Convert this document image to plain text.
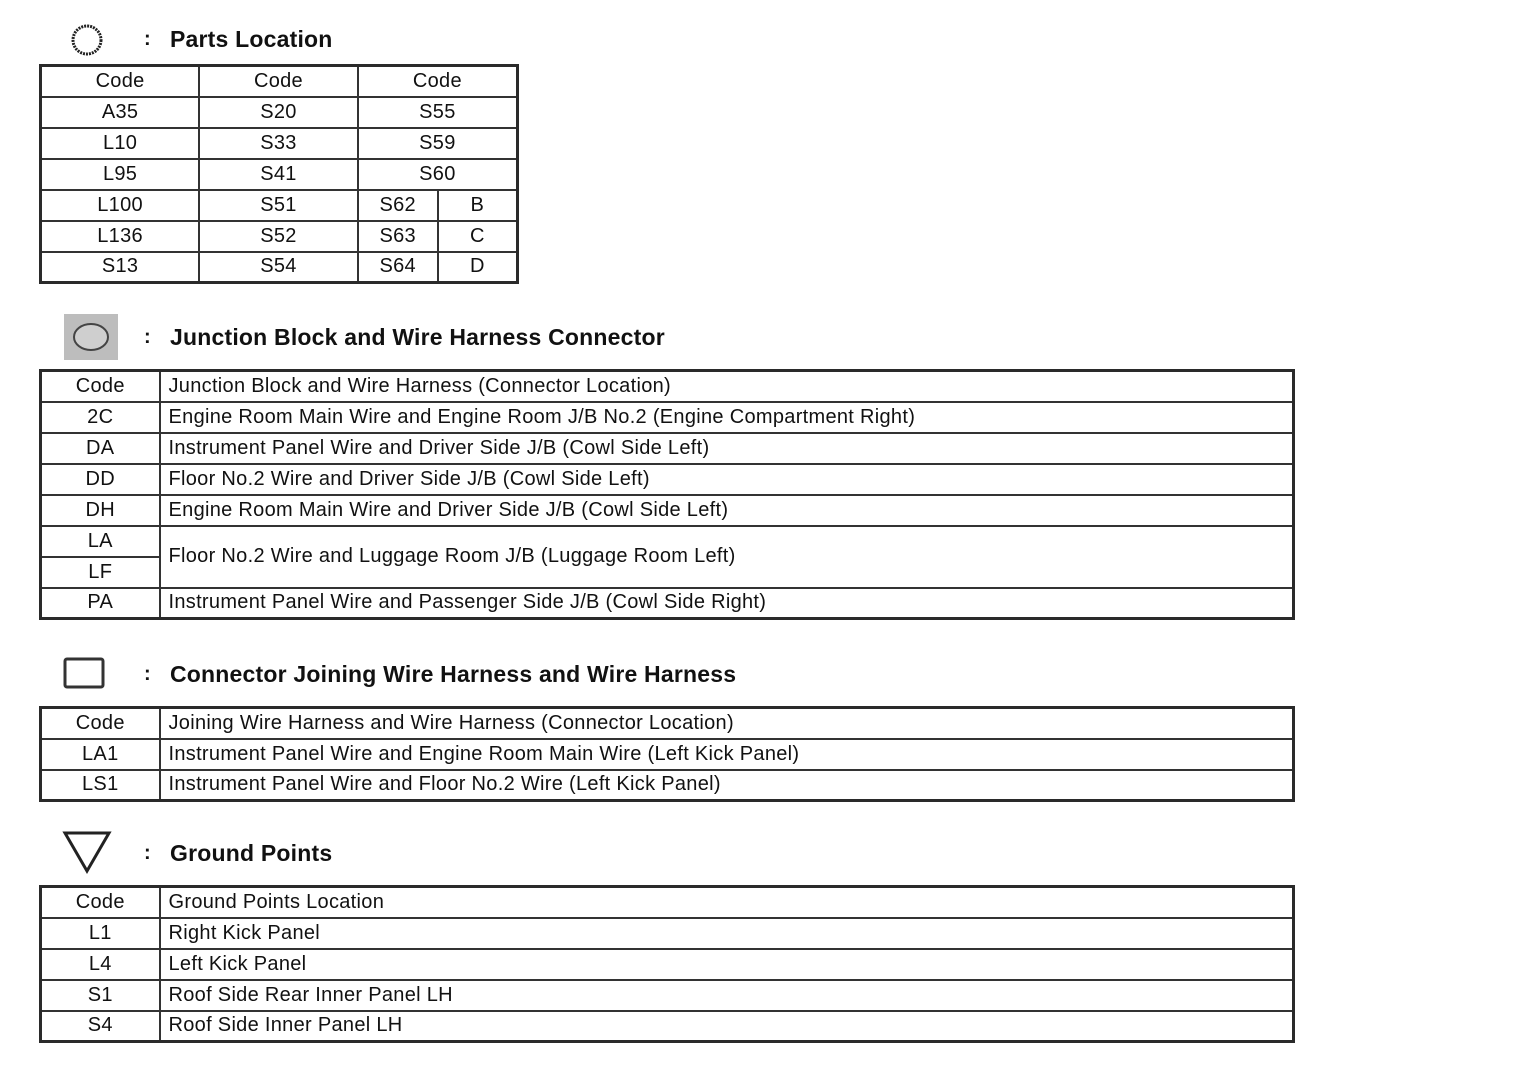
: Parts Location
Code	Code	Code	
A35	S20	S55	
L10	S33	S59	
L95	S41	S60	
L100	S51	S62	B
L136	S52	S63	C
S13	S54	S64	D
: Junction Block and Wire Harness Connector
Code	Junction Block and Wire Harness (Connector Location)
2C	Engine Room Main Wire and Engine Room J/B No.2 (Engine Compartment Right)
DA	Instrument Panel Wire and Driver Side J/B (Cowl Side Left)
DD	Floor No.2 Wire and Driver Side J/B (Cowl Side Left)
DH	Engine Room Main Wire and Driver Side J/B (Cowl Side Left)
LA	Floor No.2 Wire and Luggage Room J/B (Luggage Room Left)
LF	
PA	Instrument Panel Wire and Passenger Side J/B (Cowl Side Right)
: Connector Joining Wire Harness and Wire Harness
Code	Joining Wire Harness and Wire Harness (Connector Location)
LA1	Instrument Panel Wire and Engine Room Main Wire (Left Kick Panel)
LS1	Instrument Panel Wire and Floor No.2 Wire (Left Kick Panel)
: Ground Points
Code	Ground Points Location
L1	Right Kick Panel
L4	Left Kick Panel
S1	Roof Side Rear Inner Panel LH
S4	Roof Side Inner Panel LH
